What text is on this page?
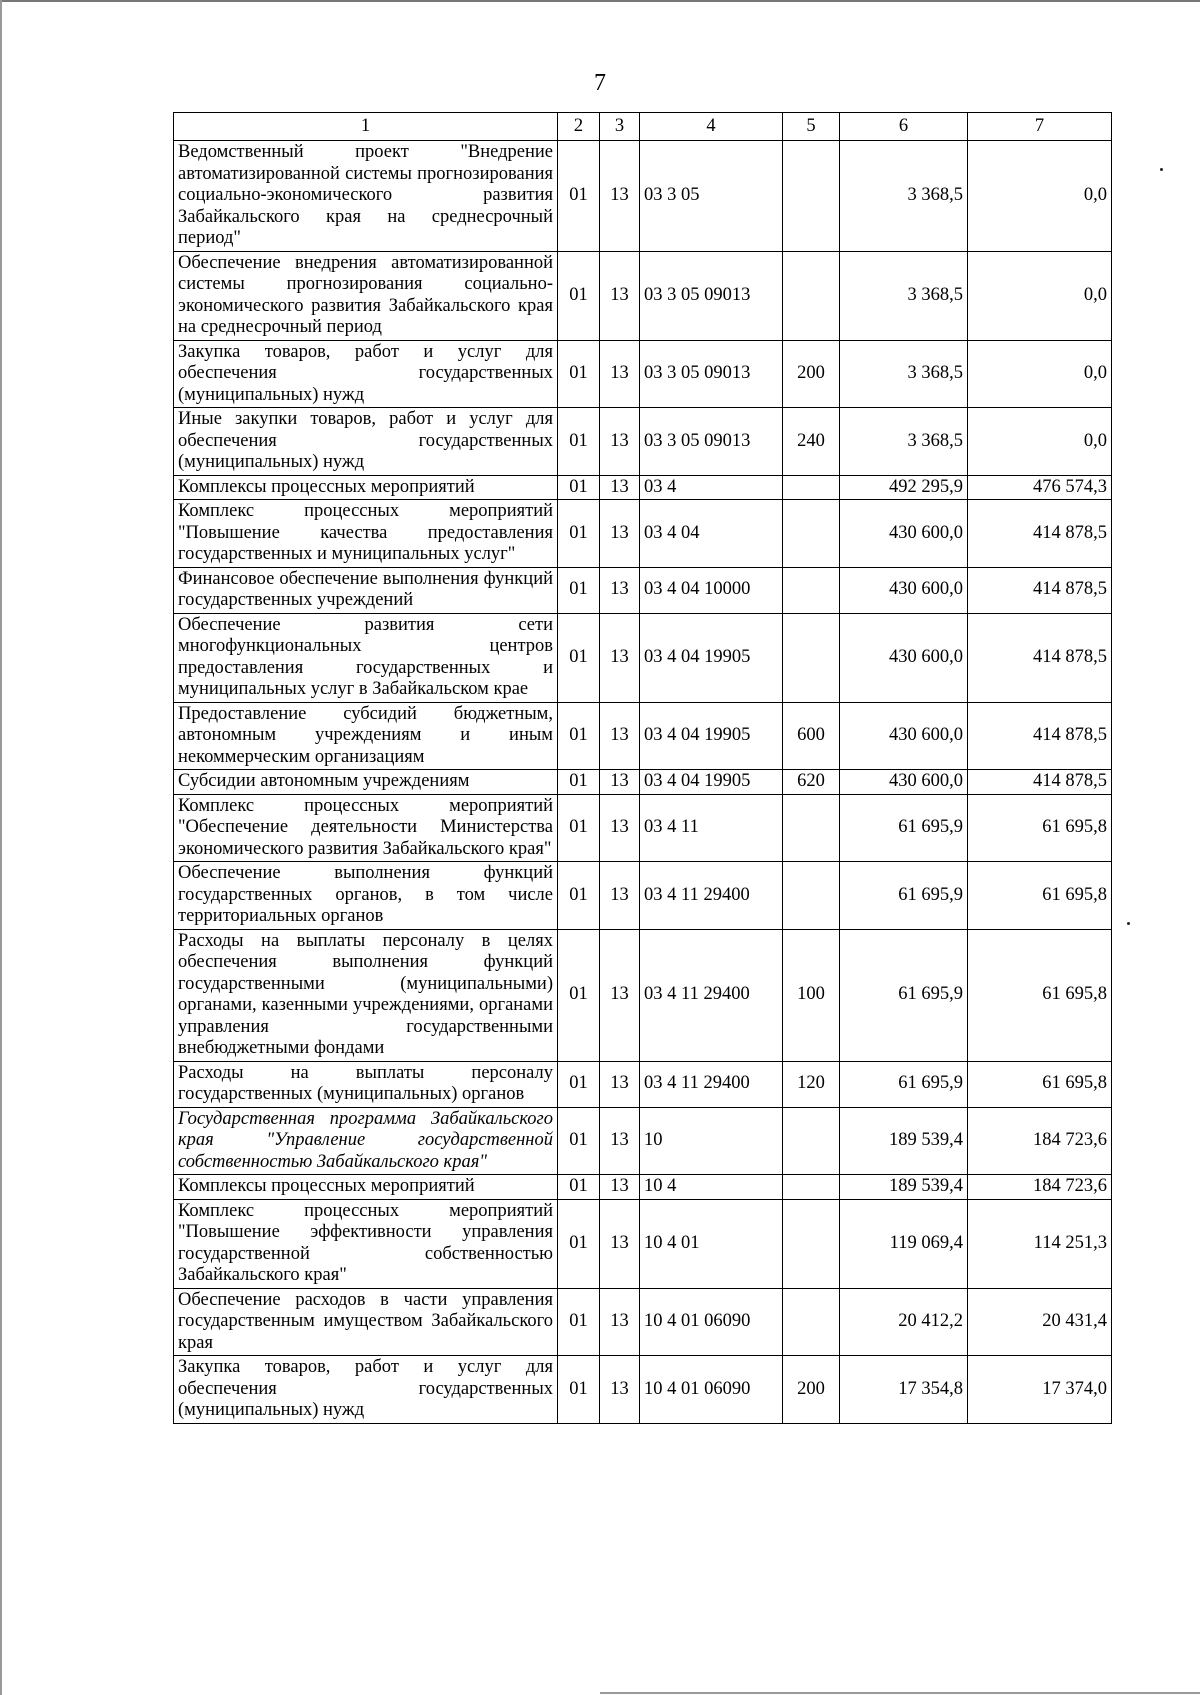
7
1	2	3	4	5	6	7
Ведомственный проект "Внедрение автоматизированной системы прогнозирования социально-экономического развития Забайкальского края на среднесрочный период"	01	13	03 3 05		3 368,5	0,0
Обеспечение внедрения автоматизированной системы прогнозирования социально-экономического развития Забайкальского края на среднесрочный период	01	13	03 3 05 09013		3 368,5	0,0
Закупка товаров, работ и услуг для обеспечения государственных (муниципальных) нужд	01	13	03 3 05 09013	200	3 368,5	0,0
Иные закупки товаров, работ и услуг для обеспечения государственных (муниципальных) нужд	01	13	03 3 05 09013	240	3 368,5	0,0
Комплексы процессных мероприятий	01	13	03 4		492 295,9	476 574,3
Комплекс процессных мероприятий "Повышение качества предоставления государственных и муниципальных услуг"	01	13	03 4 04		430 600,0	414 878,5
Финансовое обеспечение выполнения функций государственных учреждений	01	13	03 4 04 10000		430 600,0	414 878,5
Обеспечение развития сети многофункциональных центров предоставления государственных и муниципальных услуг в Забайкальском крае	01	13	03 4 04 19905		430 600,0	414 878,5
Предоставление субсидий бюджетным, автономным учреждениям и иным некоммерческим организациям	01	13	03 4 04 19905	600	430 600,0	414 878,5
Субсидии автономным учреждениям	01	13	03 4 04 19905	620	430 600,0	414 878,5
Комплекс процессных мероприятий "Обеспечение деятельности Министерства экономического развития Забайкальского края"	01	13	03 4 11		61 695,9	61 695,8
Обеспечение выполнения функций государственных органов, в том числе территориальных органов	01	13	03 4 11 29400		61 695,9	61 695,8
Расходы на выплаты персоналу в целях обеспечения выполнения функций государственными (муниципальными) органами, казенными учреждениями, органами управления государственными внебюджетными фондами	01	13	03 4 11 29400	100	61 695,9	61 695,8
Расходы на выплаты персоналу государственных (муниципальных) органов	01	13	03 4 11 29400	120	61 695,9	61 695,8
Государственная программа Забайкальского края "Управление государственной собственностью Забайкальского края"	01	13	10		189 539,4	184 723,6
Комплексы процессных мероприятий	01	13	10 4		189 539,4	184 723,6
Комплекс процессных мероприятий "Повышение эффективности управления государственной собственностью Забайкальского края"	01	13	10 4 01		119 069,4	114 251,3
Обеспечение расходов в части управления государственным имуществом Забайкальского края	01	13	10 4 01 06090		20 412,2	20 431,4
Закупка товаров, работ и услуг для обеспечения государственных (муниципальных) нужд	01	13	10 4 01 06090	200	17 354,8	17 374,0
